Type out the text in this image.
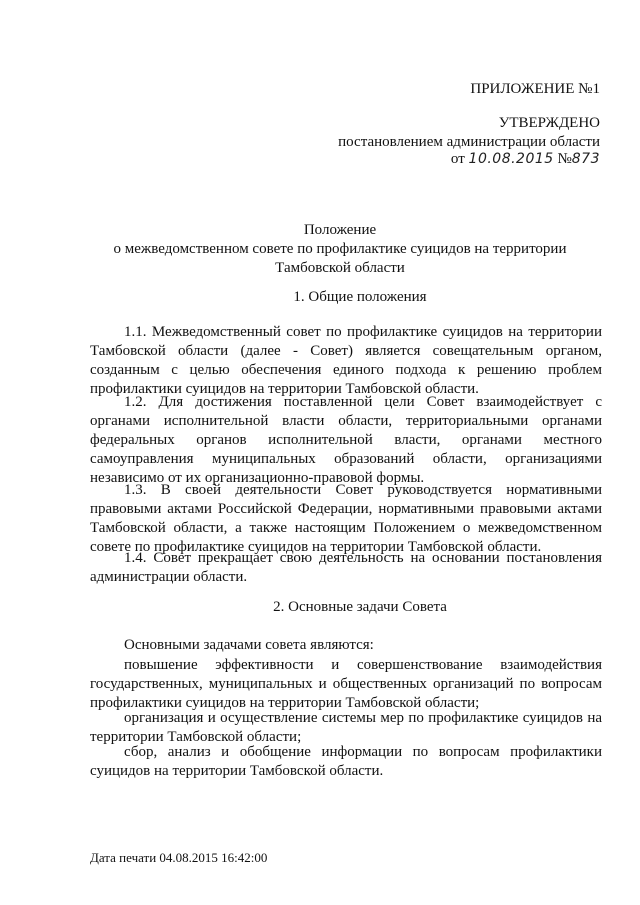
ПРИЛОЖЕНИЕ №1
УТВЕРЖДЕНО
постановлением администрации области
от 10.08.2015 №873
Положение
о межведомственном совете по профилактике суицидов на территории
Тамбовской области
1. Общие положения
1.1. Межведомственный совет по профилактике суицидов на территории Тамбовской области (далее - Совет) является совещательным органом, созданным с целью обеспечения единого подхода к решению проблем профилактики суицидов на территории Тамбовской области.
1.2. Для достижения поставленной цели Совет взаимодействует с органами исполнительной власти области, территориальными органами федеральных органов исполнительной власти, органами местного самоуправления муниципальных образований области, организациями независимо от их организационно-правовой формы.
1.3. В своей деятельности Совет руководствуется нормативными правовыми актами Российской Федерации, нормативными правовыми актами Тамбовской области, а также настоящим Положением о межведомственном совете по профилактике суицидов на территории Тамбовской области.
1.4. Совет прекращает свою деятельность на основании постановления администрации области.
2. Основные задачи Совета
Основными задачами совета являются:
повышение эффективности и совершенствование взаимодействия государственных, муниципальных и общественных организаций по вопросам профилактики суицидов на территории Тамбовской области;
организация и осуществление системы мер по профилактике суицидов на территории Тамбовской области;
сбор, анализ и обобщение информации по вопросам профилактики суицидов на территории Тамбовской области.
Дата печати 04.08.2015 16:42:00
